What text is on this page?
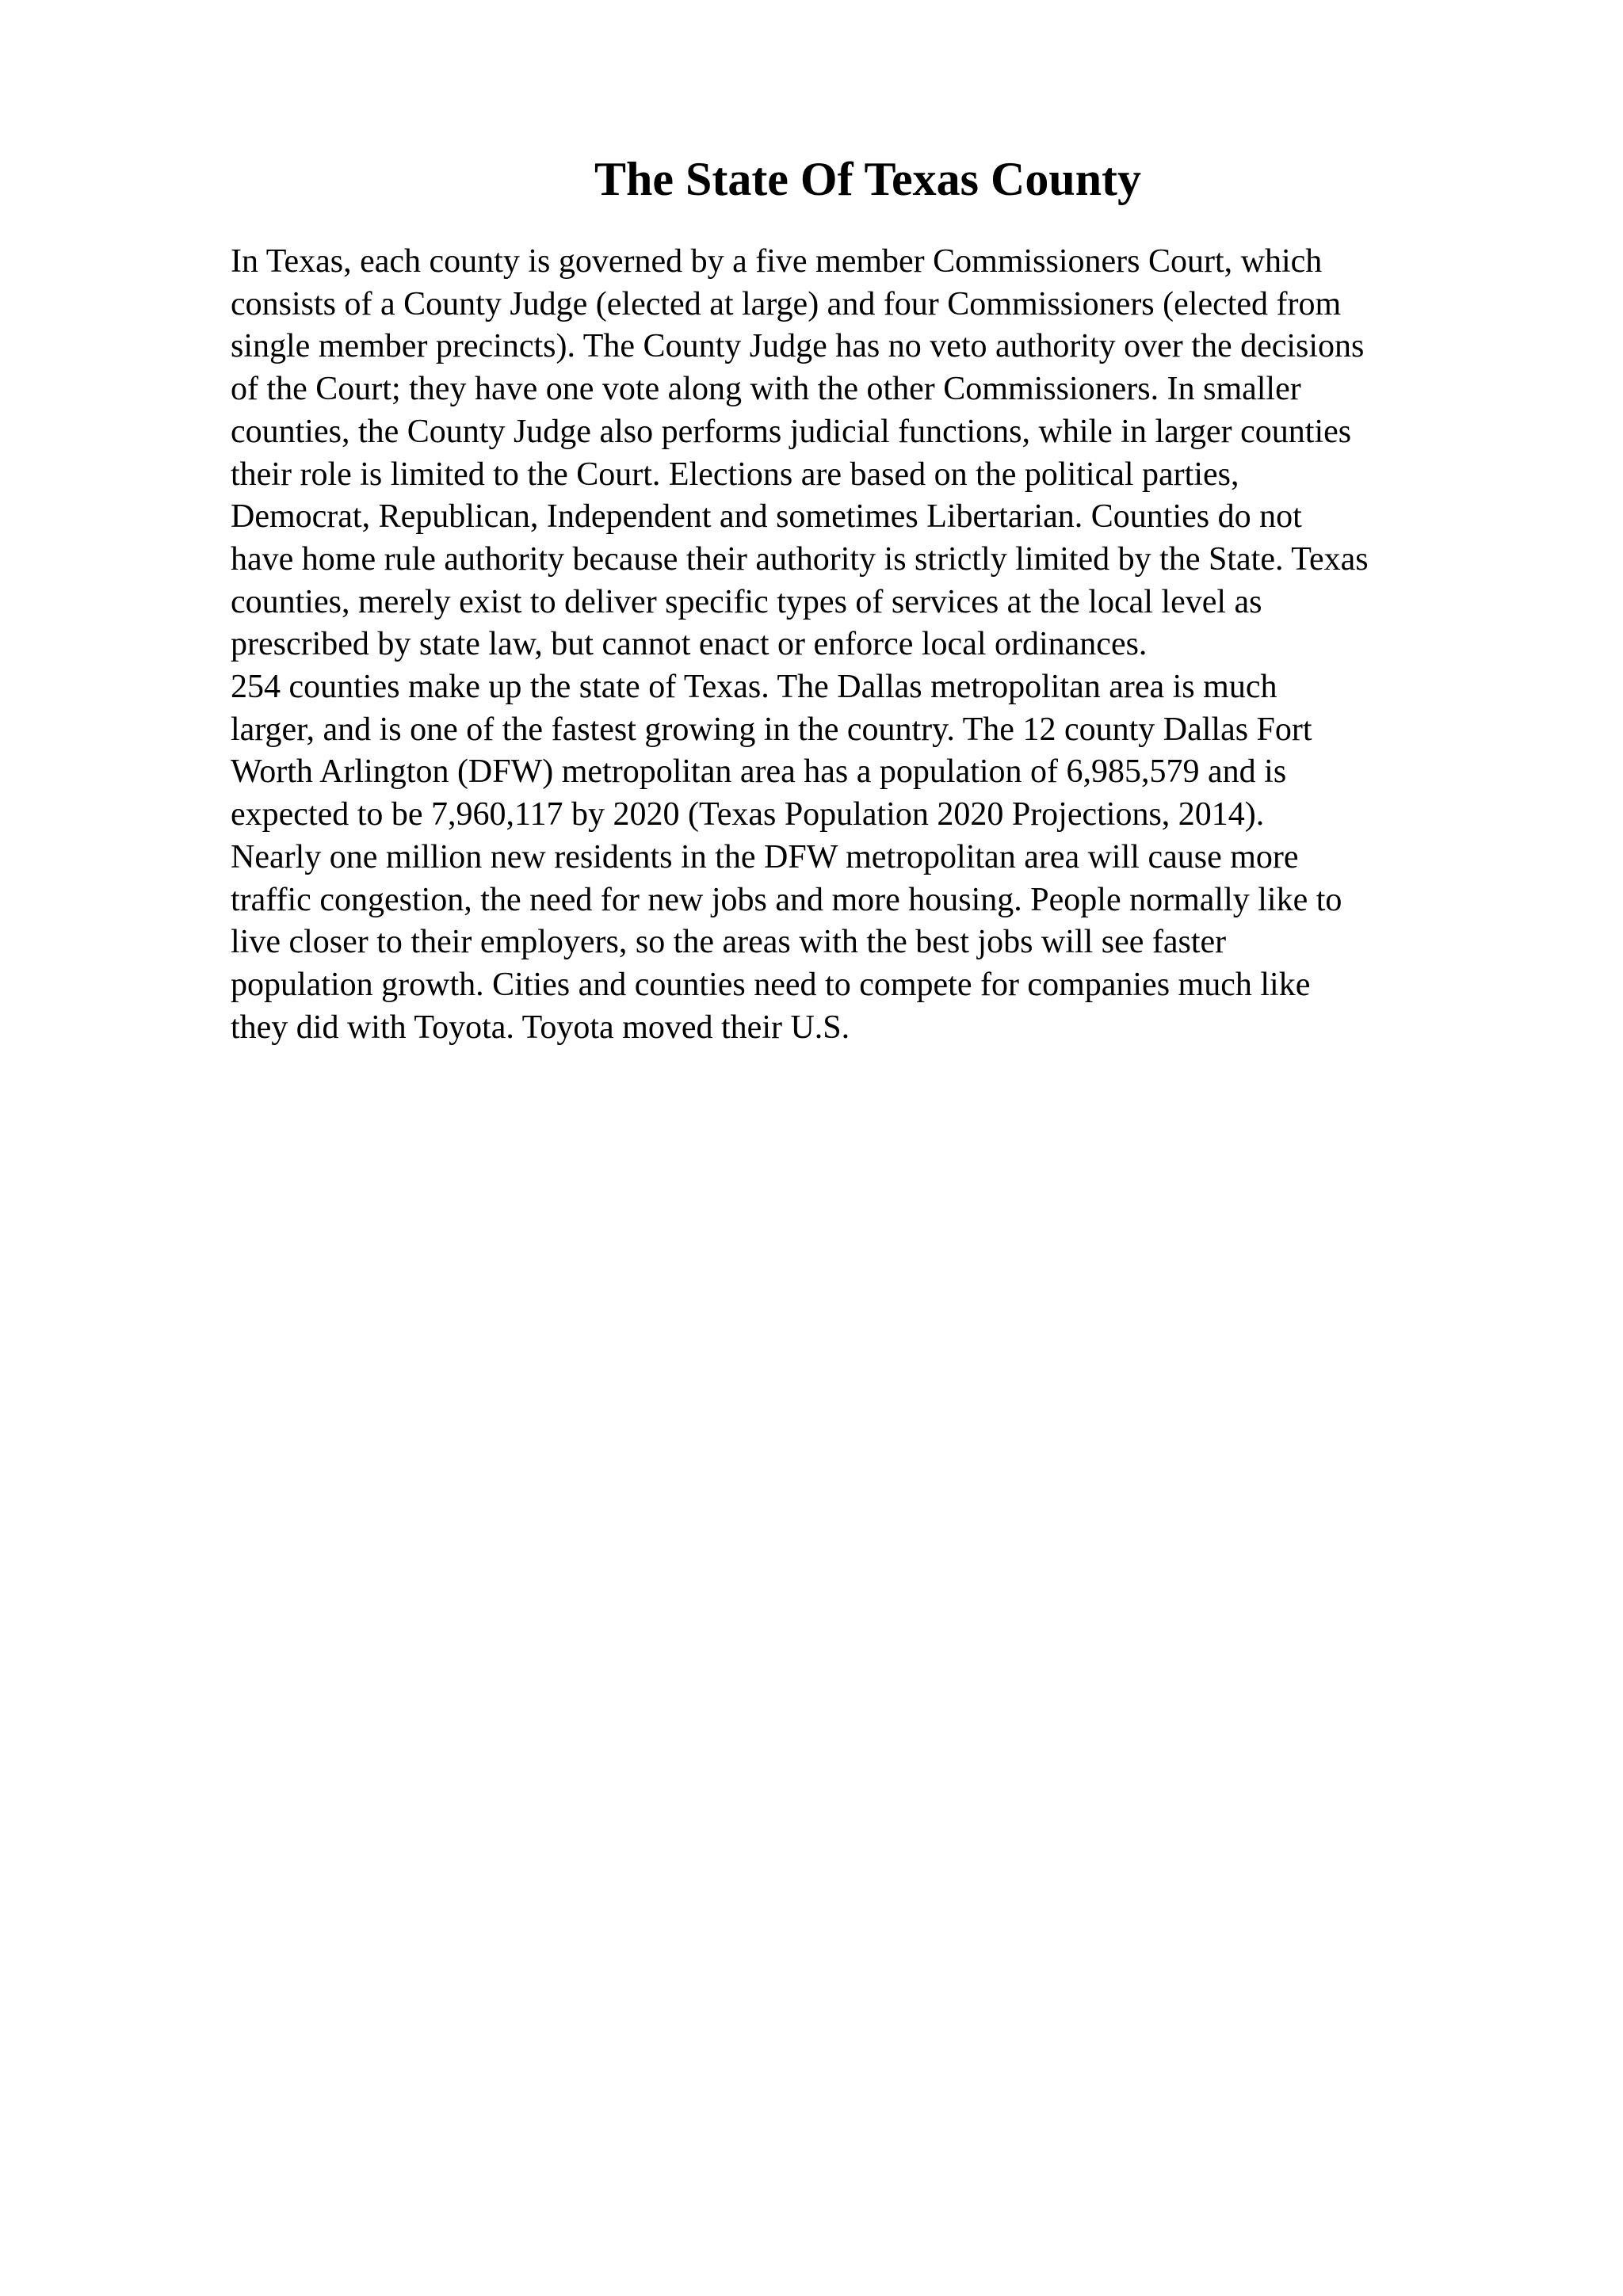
The State Of Texas County
In Texas, each county is governed by a five member Commissioners Court, which
consists of a County Judge (elected at large) and four Commissioners (elected from
single member precincts). The County Judge has no veto authority over the decisions
of the Court; they have one vote along with the other Commissioners. In smaller
counties, the County Judge also performs judicial functions, while in larger counties
their role is limited to the Court. Elections are based on the political parties,
Democrat, Republican, Independent and sometimes Libertarian. Counties do not
have home rule authority because their authority is strictly limited by the State. Texas
counties, merely exist to deliver specific types of services at the local level as
prescribed by state law, but cannot enact or enforce local ordinances.
254 counties make up the state of Texas. The Dallas metropolitan area is much
larger, and is one of the fastest growing in the country. The 12 county Dallas Fort
Worth Arlington (DFW) metropolitan area has a population of 6,985,579 and is
expected to be 7,960,117 by 2020 (Texas Population 2020 Projections, 2014).
Nearly one million new residents in the DFW metropolitan area will cause more
traffic congestion, the need for new jobs and more housing. People normally like to
live closer to their employers, so the areas with the best jobs will see faster
population growth. Cities and counties need to compete for companies much like
they did with Toyota. Toyota moved their U.S.
